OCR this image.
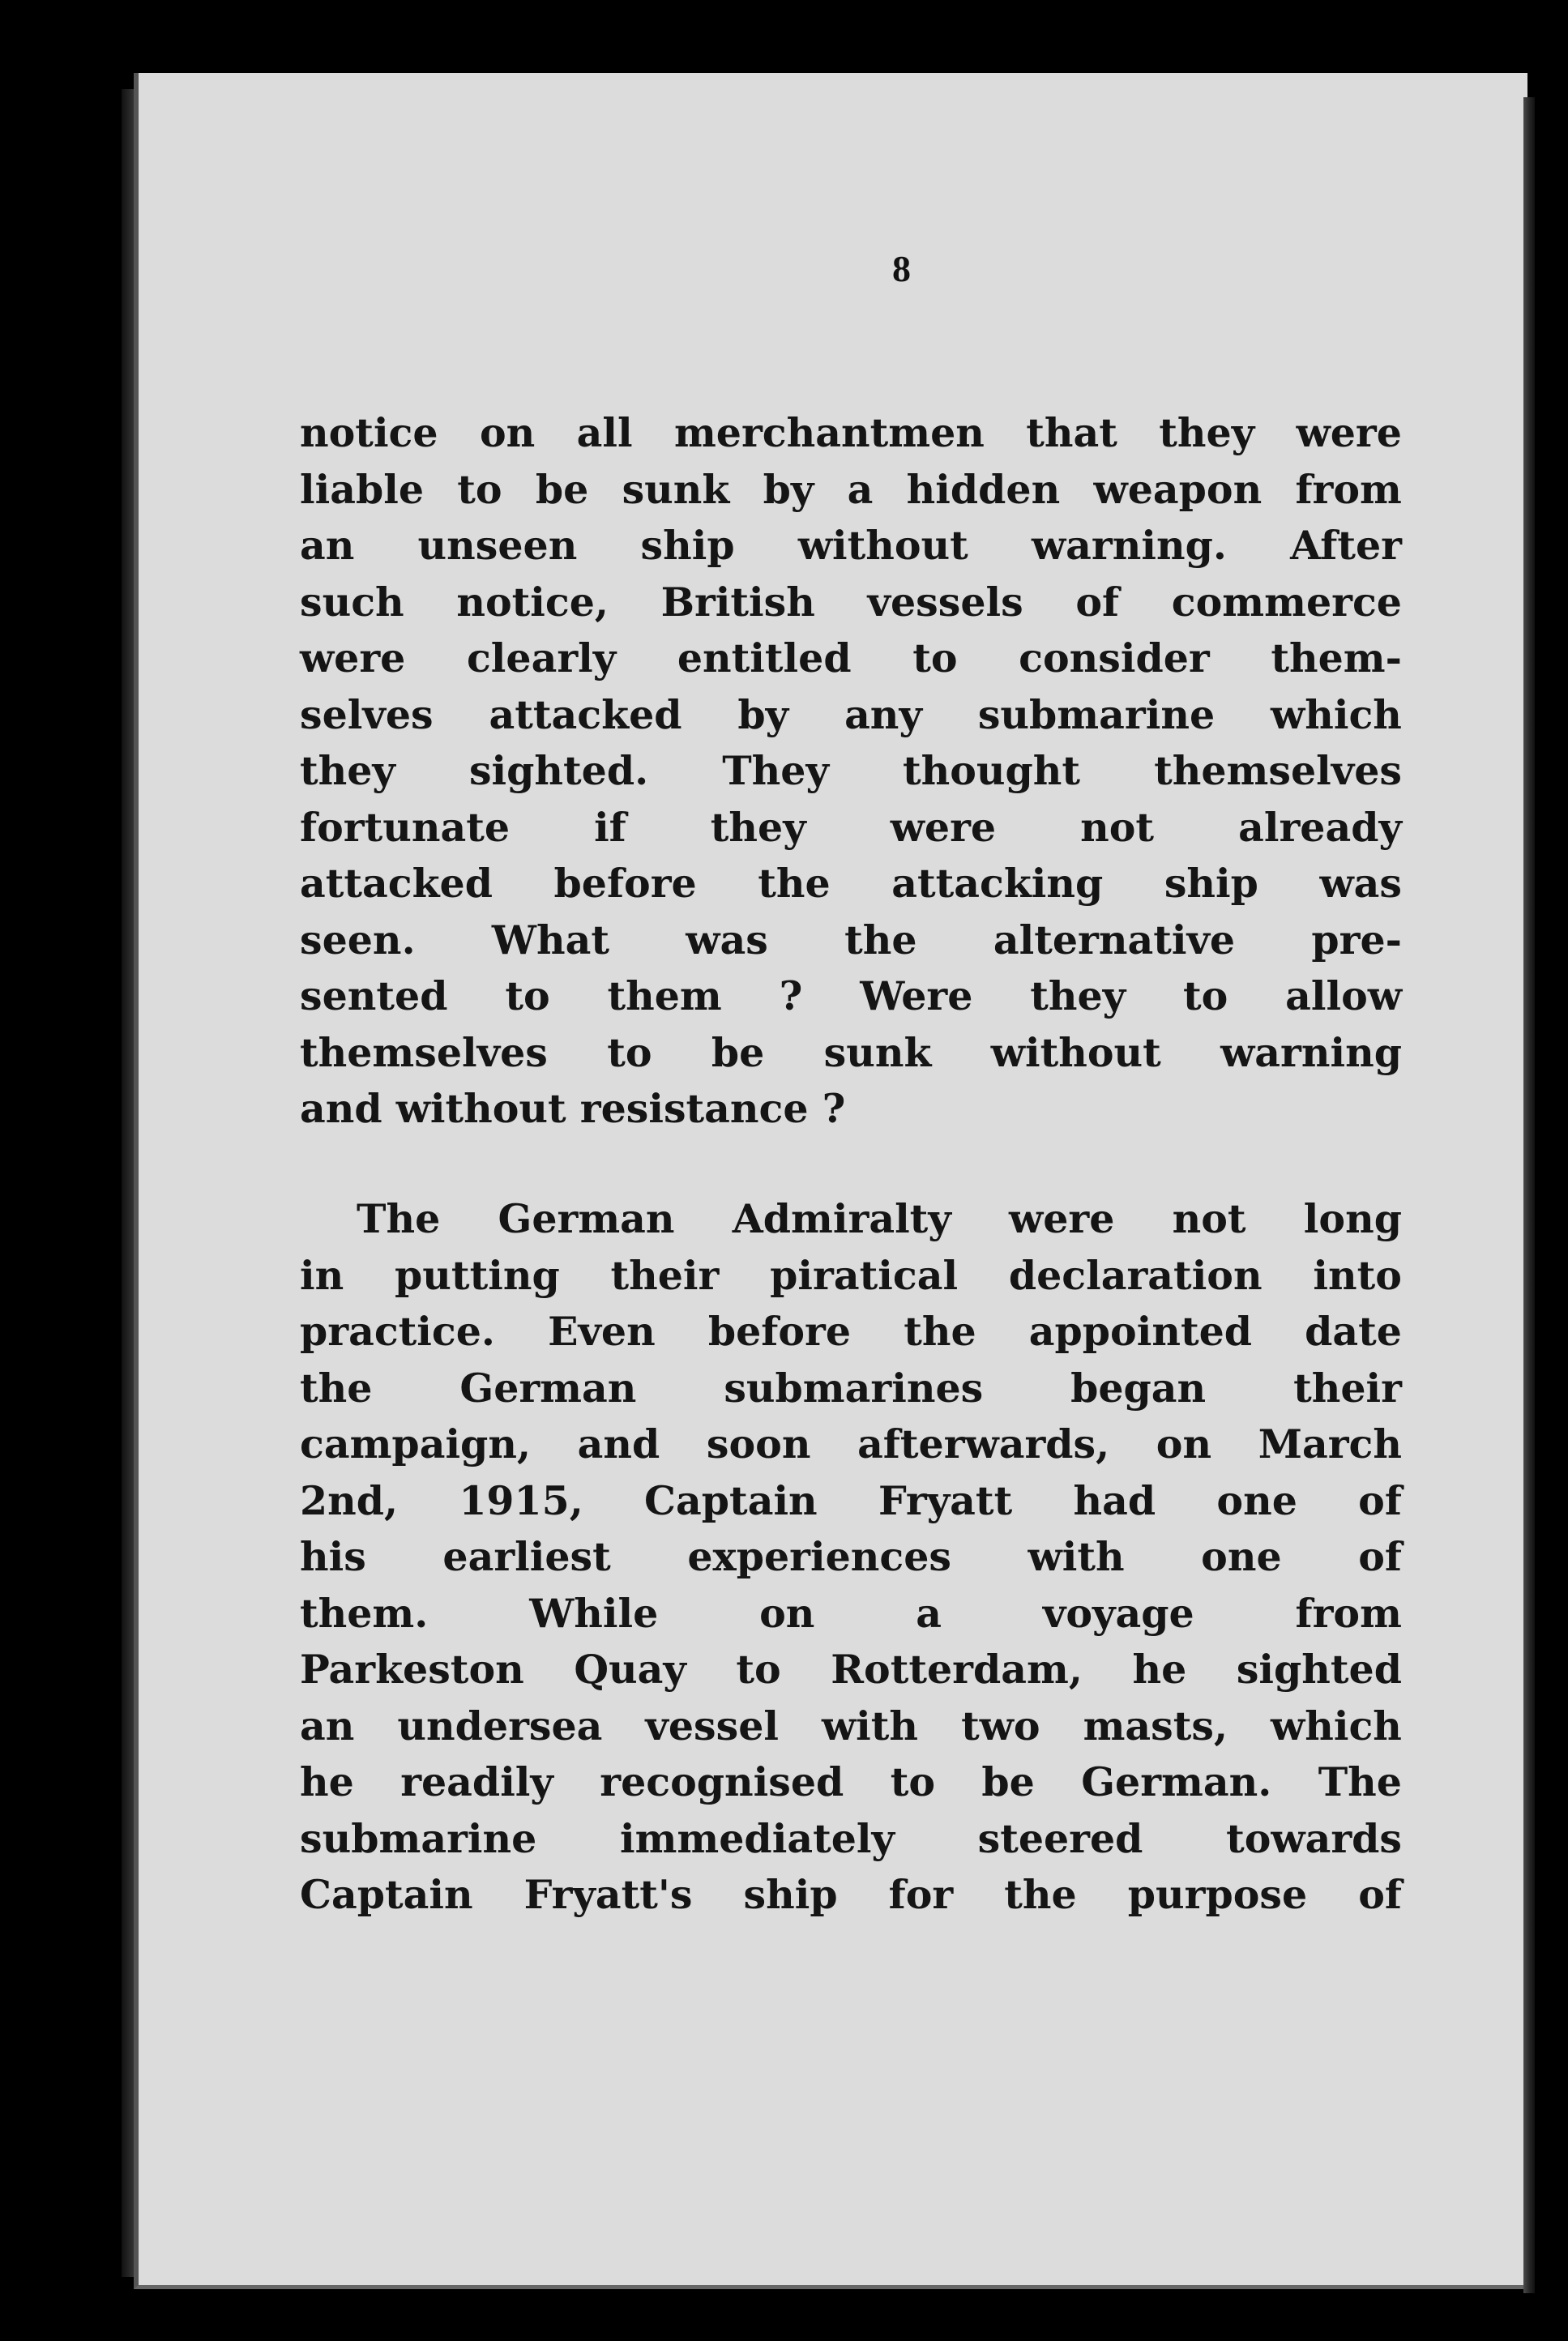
8
notice on all merchantmen that they were
liable to be sunk by a hidden weapon from
an unseen ship without warning. After
such notice, British vessels of commerce
were clearly entitled to consider them-
selves attacked by any submarine which
they sighted. They thought themselves
fortunate if they were not already
attacked before the attacking ship was
seen. What was the alternative pre-
sented to them ? Were they to allow
themselves to be sunk without warning
and without resistance ?
The German Admiralty were not long
in putting their piratical declaration into
practice. Even before the appointed date
the German submarines began their
campaign, and soon afterwards, on March
2nd, 1915, Captain Fryatt had one of
his earliest experiences with one of
them.	While	on	a	voyage	from
Parkeston Quay to Rotterdam, he sighted
an undersea vessel with two masts, which
he readily recognised to be German. The
submarine immediately steered towards
Captain Fryatt's ship for the purpose of
